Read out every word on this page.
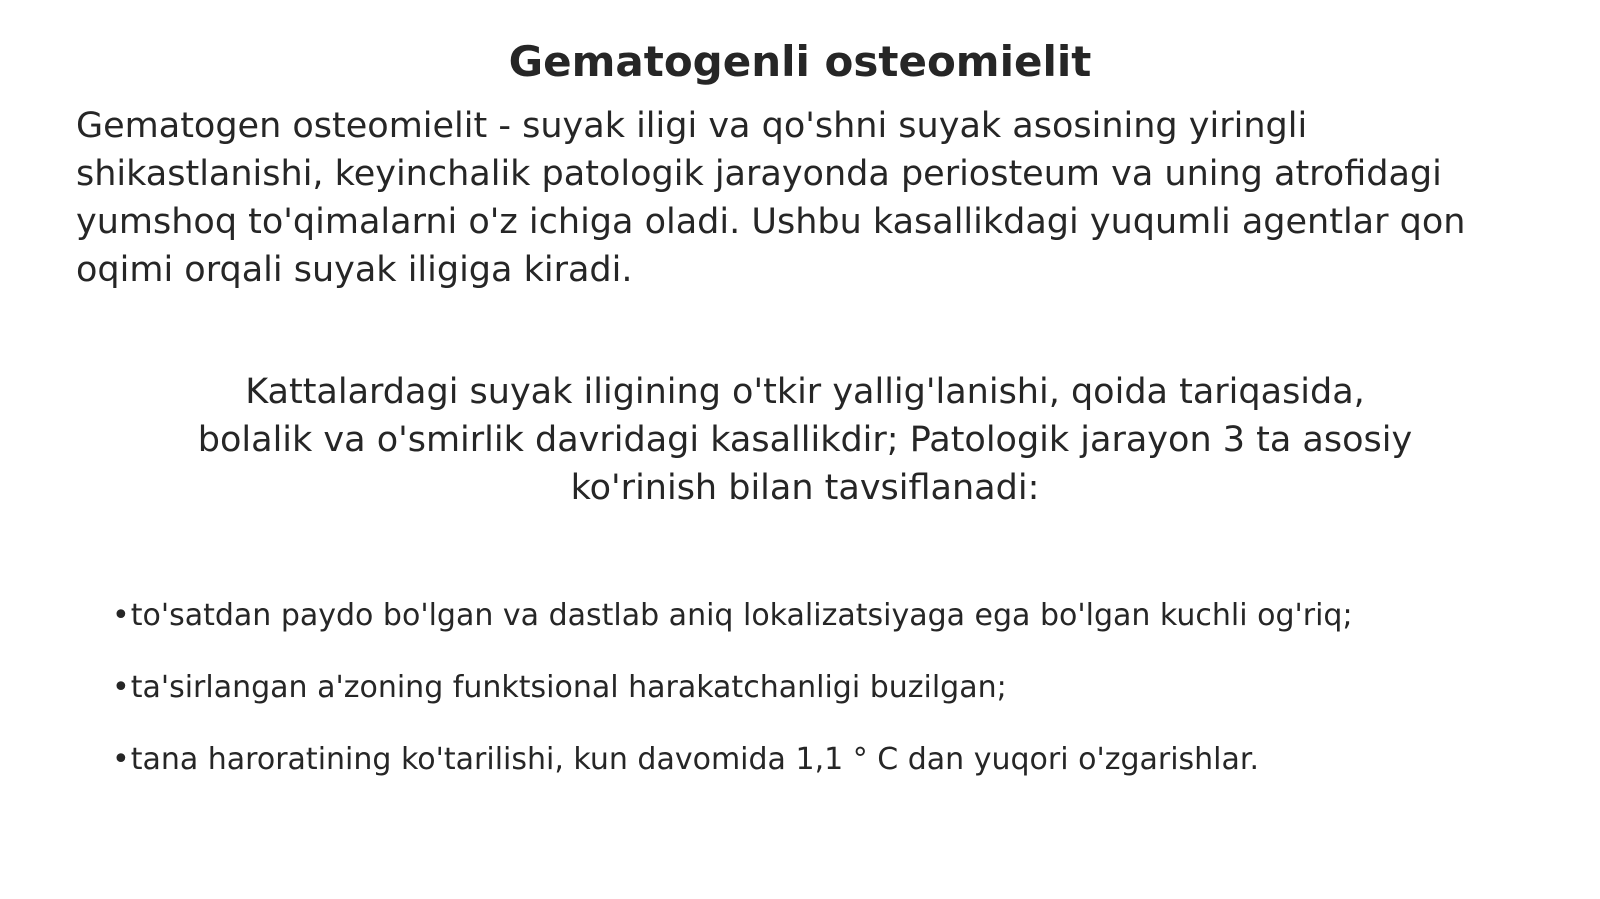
Gematogenli osteomielit

Gematogen osteomielit - suyak iligi va qo'shni suyak asosining yiringli shikastlanishi, keyinchalik patologik jarayonda periosteum va uning atrofidagi yumshoq to'qimalarni o'z ichiga oladi. Ushbu kasallikdagi yuqumli agentlar qon oqimi orqali suyak iligiga kiradi.

Kattalardagi suyak iligining o'tkir yallig'lanishi, qoida tariqasida, bolalik va o'smirlik davridagi kasallikdir; Patologik jarayon 3 ta asosiy ko'rinish bilan tavsiflanadi:

•to'satdan paydo bo'lgan va dastlab aniq lokalizatsiyaga ega bo'lgan kuchli og'riq;
•ta'sirlangan a'zoning funktsional harakatchanligi buzilgan;
•tana haroratining ko'tarilishi, kun davomida 1,1 ° C dan yuqori o'zgarishlar.
